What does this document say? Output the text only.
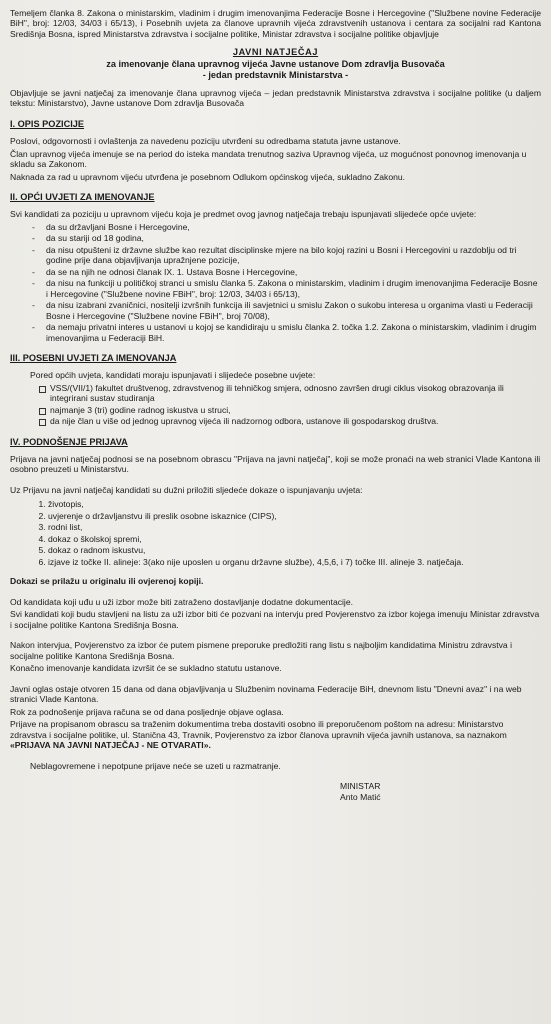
Temeljem članka 8. Zakona o ministarskim, vladinim i drugim imenovanjima Federacije Bosne i Hercegovine ("Službene novine Federacije BiH", broj: 12/03, 34/03 i 65/13), i Posebnih uvjeta za članove upravnih vijeća zdravstvenih ustanova i centara za socijalni rad Kantona Središnja Bosna, ispred Ministarstva zdravstva i socijalne politike, Ministar zdravstva i socijalne politike objavljuje

JAVNI NATJEČAJ
za imenovanje člana upravnog vijeća Javne ustanove Dom zdravlja Busovača
- jedan predstavnik Ministarstva -

Objavljuje se javni natječaj za imenovanje člana upravnog vijeća – jedan predstavnik Ministarstva zdravstva i socijalne politike (u daljem tekstu: Ministarstvo), Javne ustanove Dom zdravlja Busovača

I. OPIS POZICIJE

Poslovi, odgovornosti i ovlaštenja za navedenu poziciju utvrđeni su odredbama statuta javne ustanove.

Član upravnog vijeća imenuje se na period do isteka mandata trenutnog saziva Upravnog vijeća, uz mogućnost ponovnog imenovanja u skladu sa Zakonom.

Naknada za rad u upravnom vijeću utvrđena je posebnom Odlukom općinskog vijeća, sukladno Zakonu.

II. OPĆI UVJETI ZA IMENOVANJE

Svi kandidati za poziciju u upravnom vijeću koja je predmet ovog javnog natječaja trebaju ispunjavati slijedeće opće uvjete:

- da su državljani Bosne i Hercegovine,
- da su stariji od 18 godina,
- da nisu otpušteni iz državne službe kao rezultat disciplinske mjere na bilo kojoj razini u Bosni i Hercegovini u razdoblju od tri godine prije dana objavljivanja upražnjene pozicije,
- da se na njih ne odnosi članak IX. 1. Ustava Bosne i Hercegovine,
- da nisu na funkciji u političkoj stranci u smislu članka 5. Zakona o ministarskim, vladinim i drugim imenovanjima Federacije Bosne i Hercegovine ("Službene novine FBiH", broj: 12/03, 34/03 i 65/13),
- da nisu izabrani zvaničnici, nositelji izvršnih funkcija ili savjetnici u smislu Zakon o sukobu interesa u organima vlasti u Federaciji Bosne i Hercegovine ("Službene novine FBiH", broj 70/08),
- da nemaju privatni interes u ustanovi u kojoj se kandidiraju u smislu članka 2. točka 1.2. Zakona o ministarskim, vladinim i drugim imenovanjima u Federaciji BiH.
III. POSEBNI UVJETI ZA IMENOVANJA

Pored općih uvjeta, kandidati moraju ispunjavati i slijedeće posebne uvjete:

VSS/(VII/1) fakultet društvenog, zdravstvenog ili tehničkog smjera, odnosno završen drugi ciklus visokog obrazovanja ili integrirani sustav studiranja
najmanje 3 (tri) godine radnog iskustva u struci,
da nije član u više od jednog upravnog vijeća ili nadzornog odbora, ustanove ili gospodarskog društva.
IV. PODNOŠENJE PRIJAVA

Prijava na javni natječaj podnosi se na posebnom obrascu "Prijava na javni natječaj", koji se može pronaći na web stranici Vlade Kantona ili osobno preuzeti u Ministarstvu.

Uz Prijavu na javni natječaj kandidati su dužni priložiti sljedeće dokaze o ispunjavanju uvjeta:

1. životopis,
2. uvjerenje o državljanstvu ili preslik osobne iskaznice (CIPS),
3. rodni list,
4. dokaz o školskoj spremi,
5. dokaz o radnom iskustvu,
6. izjave iz točke II. alineje: 3(ako nije uposlen u organu državne službe), 4,5,6, i 7) točke III. alineje 3. natječaja.

Dokazi se prilažu u originalu ili ovjerenoj kopiji.

Od kandidata koji uđu u uži izbor može biti zatraženo dostavljanje dodatne dokumentacije.

Svi kandidati koji budu stavljeni na listu za uži izbor biti će pozvani na intervju pred Povjerenstvo za izbor kojega imenuju Ministar zdravstva i socijalne politike Kantona Središnja Bosna.

Nakon intervjua, Povjerenstvo za izbor će putem pismene preporuke predložiti rang listu s najboljim kandidatima Ministru zdravstva i socijalne politike Kantona Središnja Bosna.

Konačno imenovanje kandidata izvršit će se sukladno statutu ustanove.

Javni oglas ostaje otvoren 15 dana od dana objavljivanja u Službenim novinama Federacije BiH, dnevnom listu "Dnevni avaz" i na web stranici Vlade Kantona.

Rok za podnošenje prijava računa se od dana posljednje objave oglasa.

Prijave na propisanom obrascu sa traženim dokumentima treba dostaviti osobno ili preporučenom poštom na adresu: Ministarstvo zdravstva i socijalne politike, ul. Stanična 43, Travnik, Povjerenstvo za izbor članova upravnih vijeća javnih ustanova, sa naznakom «PRIJAVA NA JAVNI NATJEČAJ - NE OTVARATI».

Neblagovremene i nepotpune prijave neće se uzeti u razmatranje.

MINISTAR
Anto Matić
